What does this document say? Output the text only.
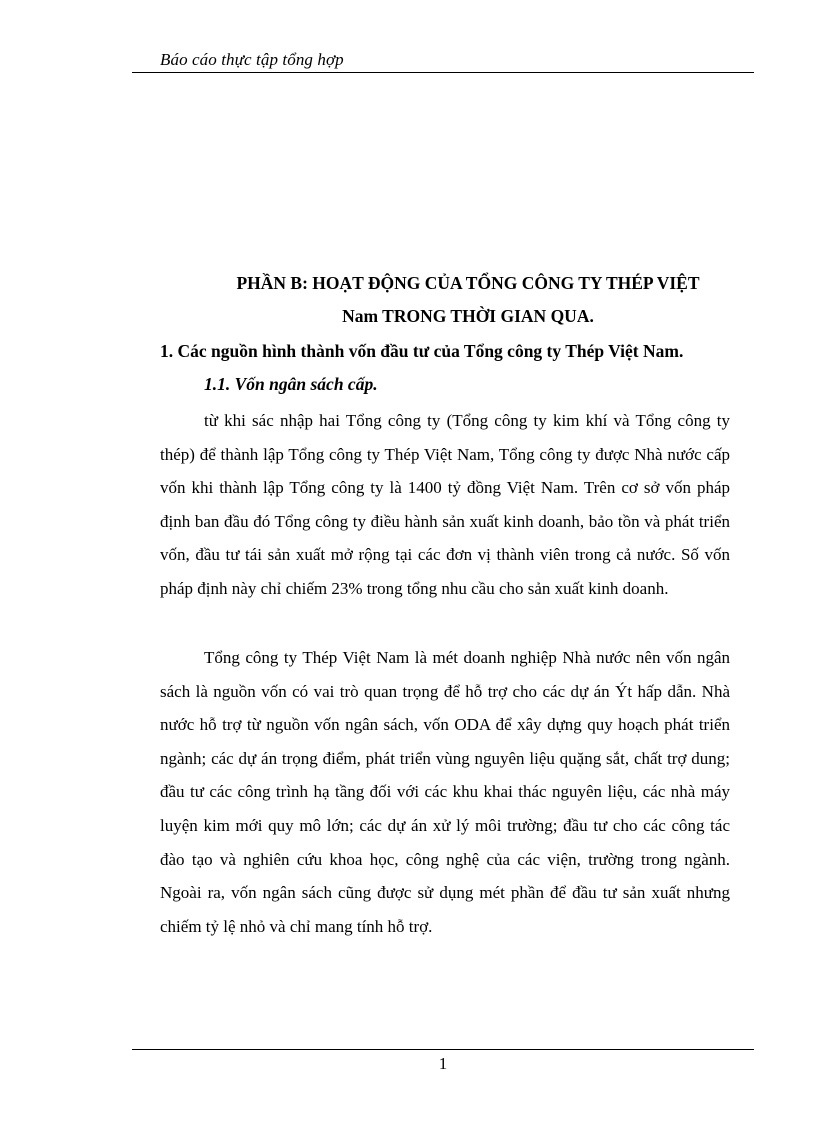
Báo cáo thực tập tổng hợp
PHẦN B: HOẠT ĐỘNG CỦA TỔNG CÔNG TY THÉP VIỆT
Nam TRONG THỜI GIAN QUA.
1. Các nguồn hình thành vốn đầu tư của Tổng công ty Thép Việt Nam.
1.1. Vốn ngân sách cấp.

từ khi sác nhập hai Tổng công ty (Tổng công ty kim khí và Tổng công ty thép) để thành lập Tổng công ty Thép Việt Nam, Tổng công ty được Nhà nước cấp vốn khi thành lập Tổng công ty là 1400 tỷ đồng Việt Nam. Trên cơ sở vốn pháp định ban đầu đó Tổng công ty điều hành sản xuất kinh doanh, bảo tồn và phát triển vốn, đầu tư tái sản xuất mở rộng tại các đơn vị thành viên trong cả nước. Số vốn pháp định này chỉ chiếm 23% trong tổng nhu cầu cho sản xuất kinh doanh.

Tổng công ty Thép Việt Nam là mét doanh nghiệp Nhà nước nên vốn ngân sách là nguồn vốn có vai trò quan trọng để hỗ trợ cho các dự án Ýt hấp dẫn. Nhà nước hỗ trợ từ nguồn vốn ngân sách, vốn ODA để xây dựng quy hoạch phát triển ngành; các dự án trọng điểm, phát triển vùng nguyên liệu quặng sắt, chất trợ dung; đầu tư các công trình hạ tầng đối với các khu khai thác nguyên liệu, các nhà máy luyện kim mới quy mô lớn; các dự án xử lý môi trường; đầu tư cho các công tác đào tạo và nghiên cứu khoa học, công nghệ của các viện, trường trong ngành. Ngoài ra, vốn ngân sách cũng được sử dụng mét phần để đầu tư sản xuất nhưng chiếm tỷ lệ nhỏ và chỉ mang tính hỗ trợ.

1
